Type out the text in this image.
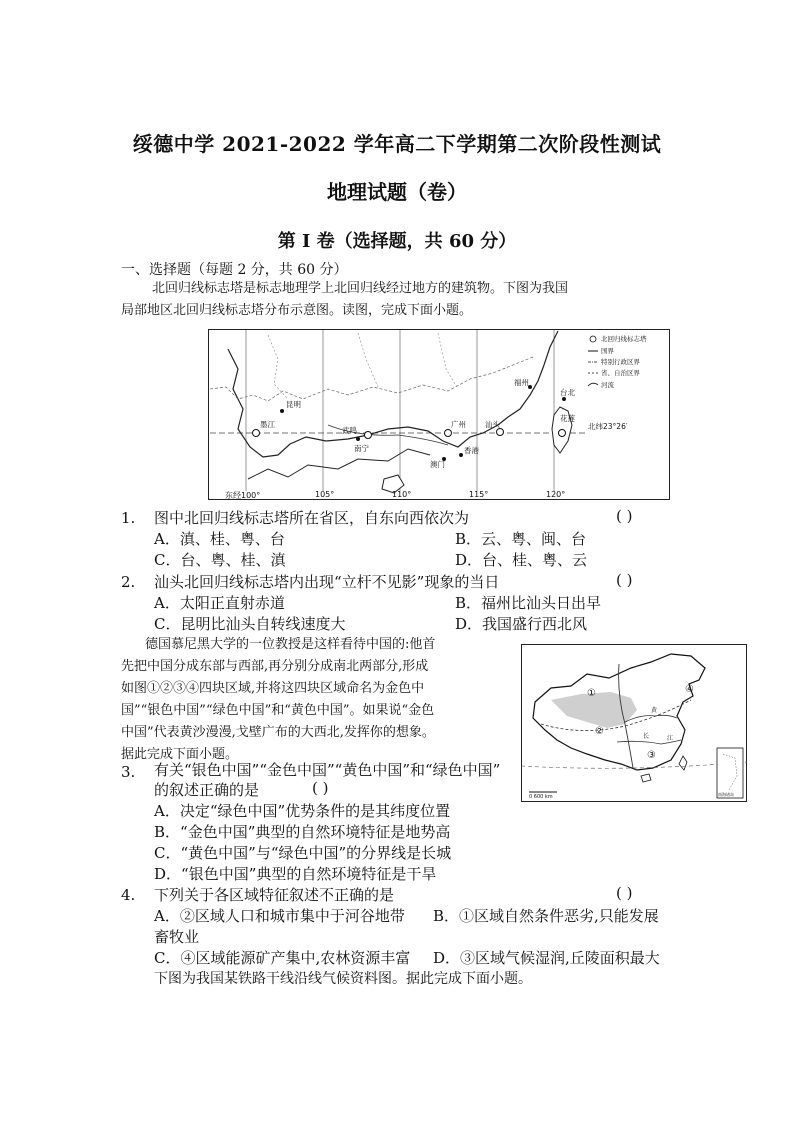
绥德中学 2021-2022 学年高二下学期第二次阶段性测试
地理试题（卷）
第 I 卷（选择题，共 60 分）
一、选择题（每题 2 分，共 60 分）
北回归线标志塔是标志地理学上北回归线经过地方的建筑物。下图为我国
局部地区北回归线标志塔分布示意图。读图，完成下面小题。
昆明
墨江
武鸣
南宁
广州	汕头
福州
台北
花莲
澳门
香港
北纬23°26′
北回归线标志塔
国界
特别行政区界
省、自治区界
河流
东经100°	105°	110°	115°	120°
1. 图中北回归线标志塔所在省区，自东向西依次为	( )
A．滇、桂、粤、台	B．云、粤、闽、台
C．台、粤、桂、滇	D．台、桂、粤、云
2. 汕头北回归线标志塔内出现“立杆不见影”现象的当日	( )
A．太阳正直射赤道	B．福州比汕头日出早
C．昆明比汕头自转线速度大	D．我国盛行西北风
德国慕尼黑大学的一位教授是这样看待中国的:他首
先把中国分成东部与西部,再分别分成南北两部分,形成
如图①②③④四块区域,并将这四块区域命名为金色中
国”“银色中国”“绿色中国”和“黄色中国”。如果说“金色
中国”代表黄沙漫漫,戈壁广布的大西北,发挥你的想象。
据此完成下面小题。
①
②
③
④
黄
长	江
0 600 km	南海诸岛
3. 有关“银色中国”“金色中国”“黄色中国”和“绿色中国”
的叙述正确的是	( )
A．决定“绿色中国”优势条件的是其纬度位置
B．“金色中国”典型的自然环境特征是地势高
C．“黄色中国”与“绿色中国”的分界线是长城
D．“银色中国”典型的自然环境特征是干旱
4. 下列关于各区域特征叙述不正确的是	( )
A．②区域人口和城市集中于河谷地带 B．①区域自然条件恶劣,只能发展
畜牧业
C．④区域能源矿产集中,农林资源丰富 D．③区域气候湿润,丘陵面积最大
下图为我国某铁路干线沿线气候资料图。据此完成下面小题。
